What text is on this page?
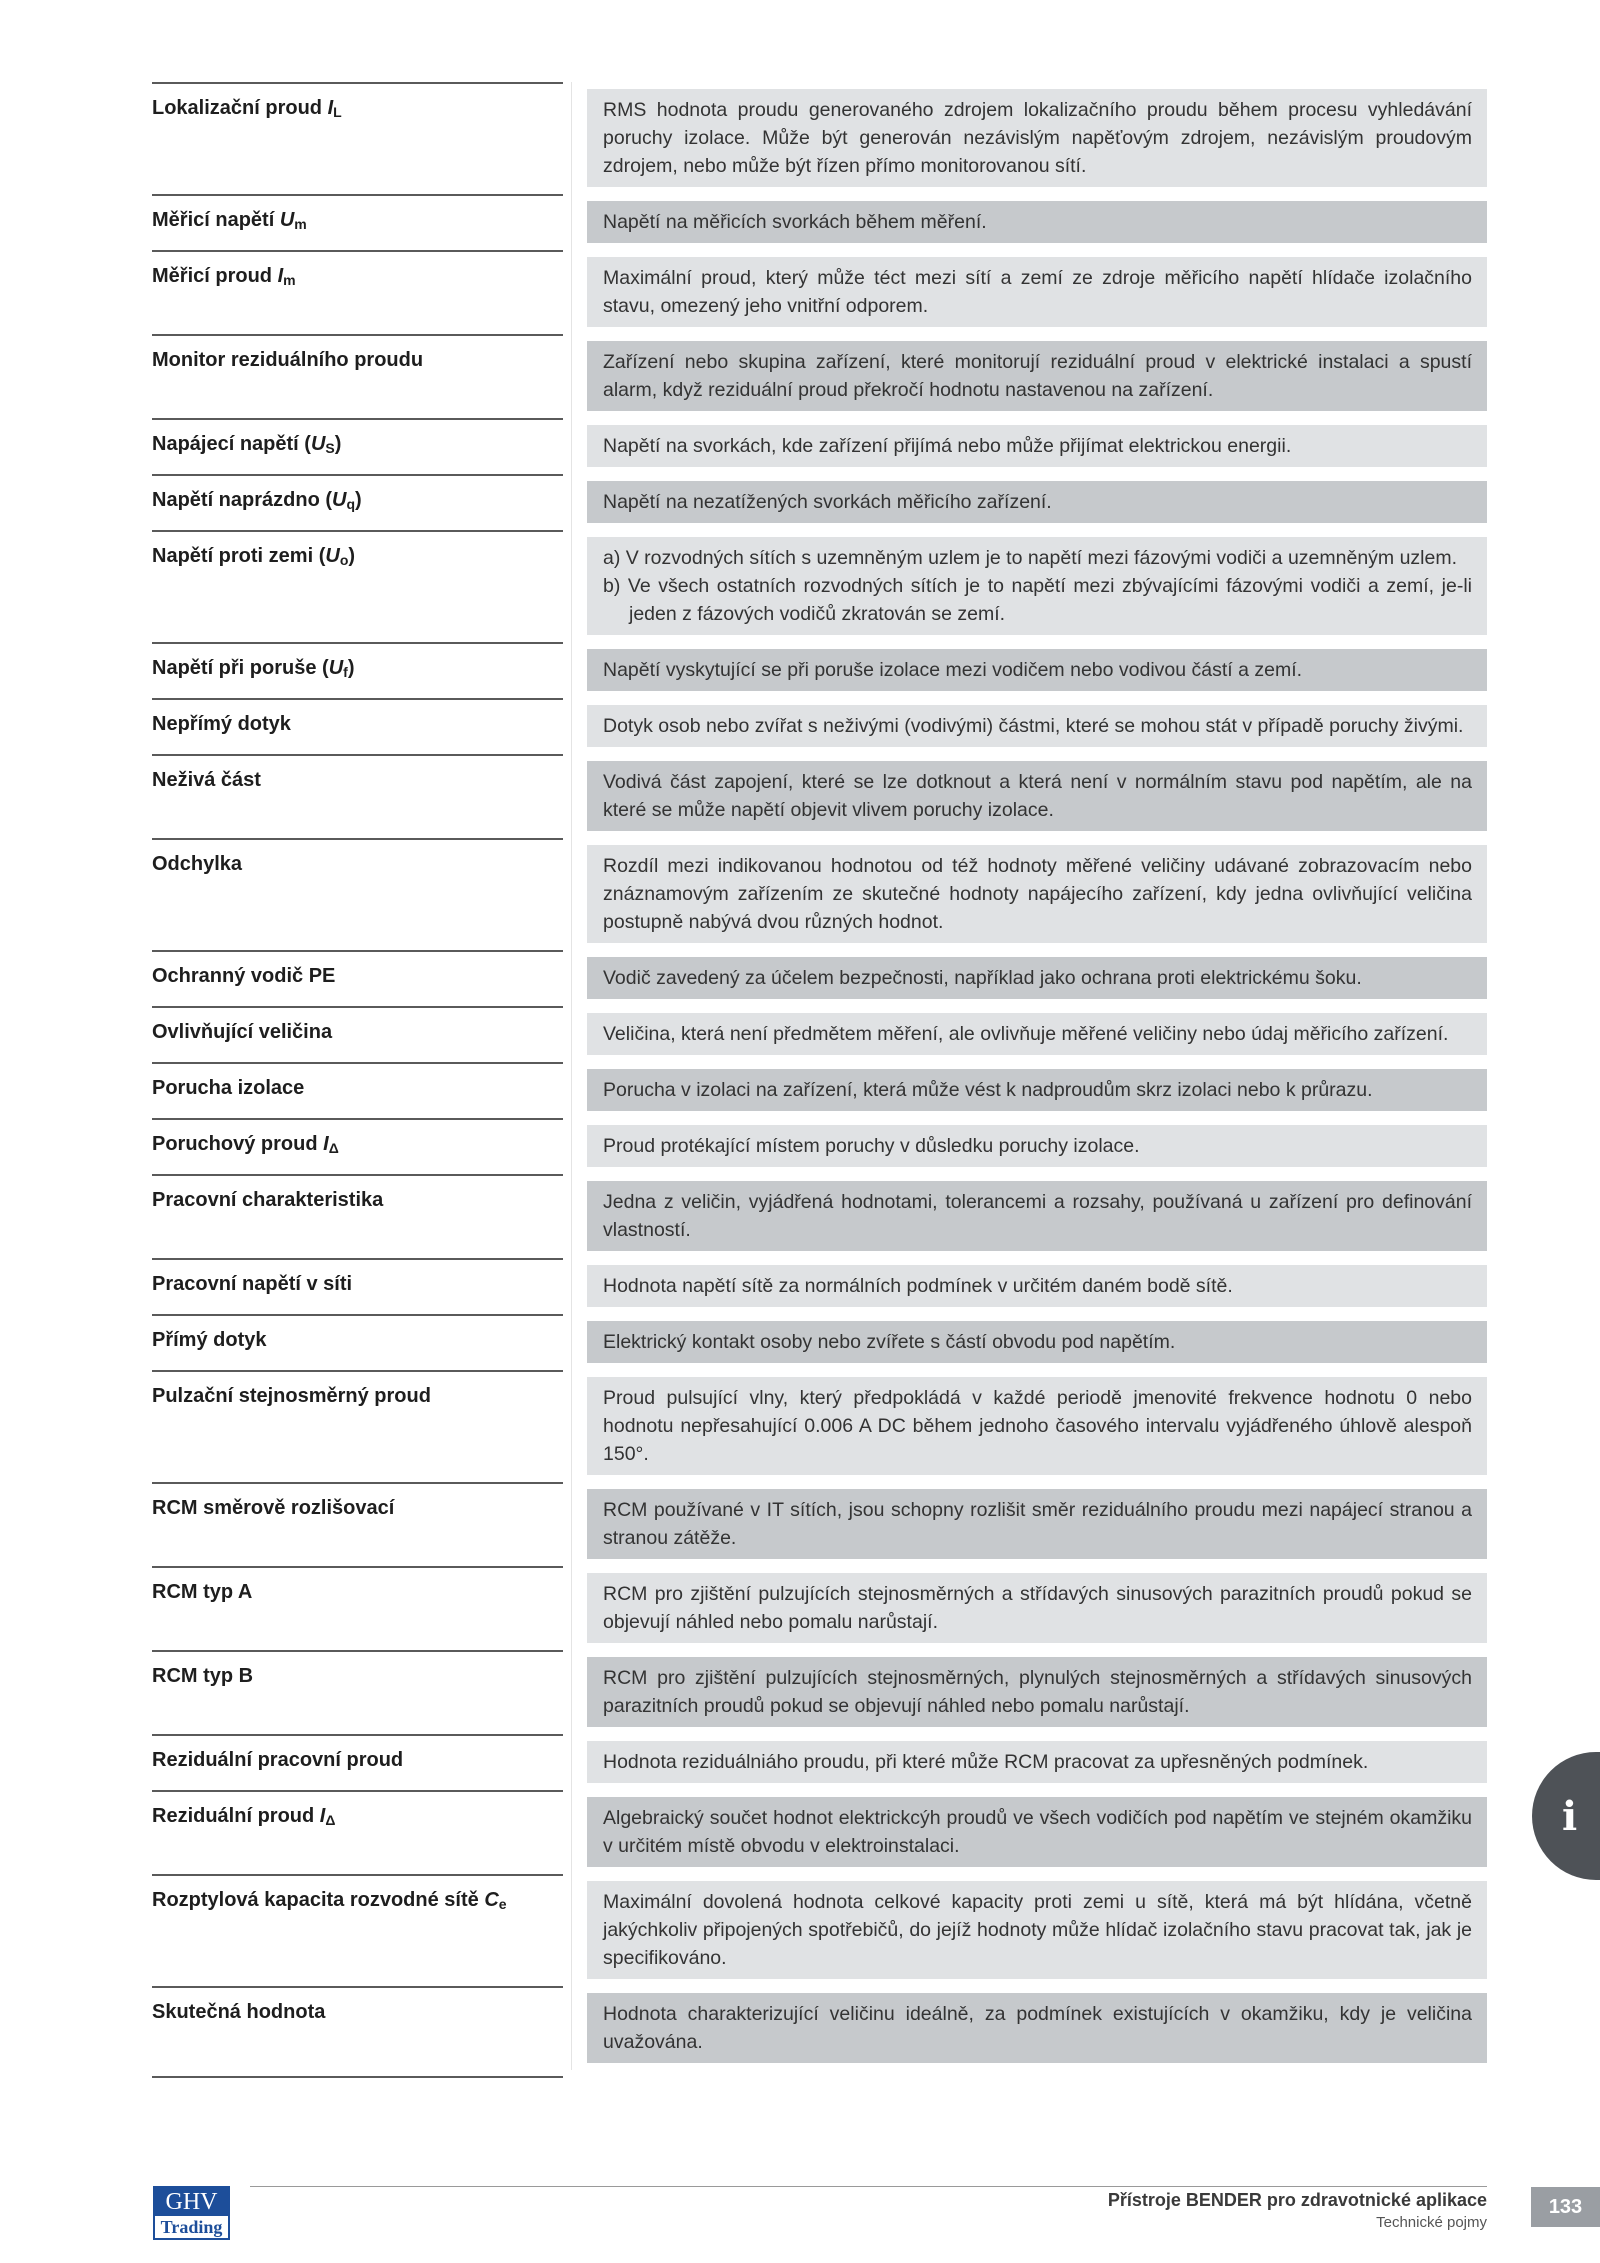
Lokalizační proud $I_L$	RMS hodnota proudu generovaného zdrojem lokalizačního proudu během procesu vyhledávání poruchy izolace. Může být generován nezávislým napěťovým zdrojem, nezávislým proudovým zdrojem, nebo může být řízen přímo monitorovanou sítí.
Měřicí napětí $U_m$	Napětí na měřicích svorkách během měření.
Měřicí proud $I_m$	Maximální proud, který může téct mezi sítí a zemí ze zdroje měřicího napětí hlídače izolačního stavu, omezený jeho vnitřní odporem.
Monitor reziduálního proudu	Zařízení nebo skupina zařízení, které monitorují reziduální proud v elektrické instalaci a spustí alarm, když reziduální proud překročí hodnotu nastavenou na zařízení.
Napájecí napětí $(U_S)$	Napětí na svorkách, kde zařízení přijímá nebo může přijímat elektrickou energii.
Napětí naprázdno $(U_q)$	Napětí na nezatížených svorkách měřicího zařízení.
Napětí proti zemi $(U_o)$	a) V rozvodných sítích s uzemněným uzlem je to napětí mezi fázovými vodiči a uzemněným uzlem.
b) Ve všech ostatních rozvodných sítích je to napětí mezi zbývajícími fázovými vodiči a zemí, je-li jeden z fázových vodičů zkratován se zemí.
Napětí při poruše $(U_f)$	Napětí vyskytující se při poruše izolace mezi vodičem nebo vodivou částí a zemí.
Nepřímý dotyk	Dotyk osob nebo zvířat s neživými (vodivými) částmi, které se mohou stát v případě poruchy živými.
Neživá část	Vodivá část zapojení, které se lze dotknout a která není v normálním stavu pod napětím, ale na které se může napětí objevit vlivem poruchy izolace.
Odchylka	Rozdíl mezi indikovanou hodnotou od též hodnoty měřené veličiny udávané zobrazovacím nebo znáznamovým zařízením ze skutečné hodnoty napájecího zařízení, kdy jedna ovlivňující veličina postupně nabývá dvou různých hodnot.
Ochranný vodič PE	Vodič zavedený za účelem bezpečnosti, například jako ochrana proti elektrickému šoku.
Ovlivňující veličina	Veličina, která není předmětem měření, ale ovlivňuje měřené veličiny nebo údaj měřicího zařízení.
Porucha izolace	Porucha v izolaci na zařízení, která může vést k nadproudům skrz izolaci nebo k průrazu.
Poruchový proud $I_\Delta$	Proud protékající místem poruchy v důsledku poruchy izolace.
Pracovní charakteristika	Jedna z veličin, vyjádřená hodnotami, tolerancemi a rozsahy, používaná u zařízení pro definování vlastností.
Pracovní napětí v síti	Hodnota napětí sítě za normálních podmínek v určitém daném bodě sítě.
Přímý dotyk	Elektrický kontakt osoby nebo zvířete s částí obvodu pod napětím.
Pulzační stejnosměrný proud	Proud pulsující vlny, který předpokládá v každé periodě jmenovité frekvence hodnotu 0 nebo hodnotu nepřesahující 0.006 A DC během jednoho časového intervalu vyjádřeného úhlově alespoň 150°.
RCM směrově rozlišovací	RCM používané v IT sítích, jsou schopny rozlišit směr reziduálního proudu mezi napájecí stranou a stranou zátěže.
RCM typ A	RCM pro zjištění pulzujících stejnosměrných a střídavých sinusových parazitních proudů pokud se objevují náhled nebo pomalu narůstají.
RCM typ B	RCM pro zjištění pulzujících stejnosměrných, plynulých stejnosměrných a střídavých sinusových parazitních proudů pokud se objevují náhled nebo pomalu narůstají.
Reziduální pracovní proud	Hodnota reziduálniáho proudu, při které může RCM pracovat za upřesněných podmínek.
Reziduální proud $I_\Delta$	Algebraický součet hodnot elektrickcýh proudů ve všech vodičích pod napětím ve stejném okamžiku v určitém místě obvodu v elektroinstalaci.
Rozptylová kapacita rozvodné sítě $C_e$	Maximální dovolená hodnota celkové kapacity proti zemi u sítě, která má být hlídána, včetně jakýchkoliv připojených spotřebičů, do jejíž hodnoty může hlídač izolačního stavu pracovat tak, jak je specifikováno.
Skutečná hodnota	Hodnota charakterizující veličinu ideálně, za podmínek existujících v okamžiku, kdy je veličina uvažována.
i
GHV
Trading
Přístroje BENDER pro zdravotnické aplikace
Technické pojmy
133
